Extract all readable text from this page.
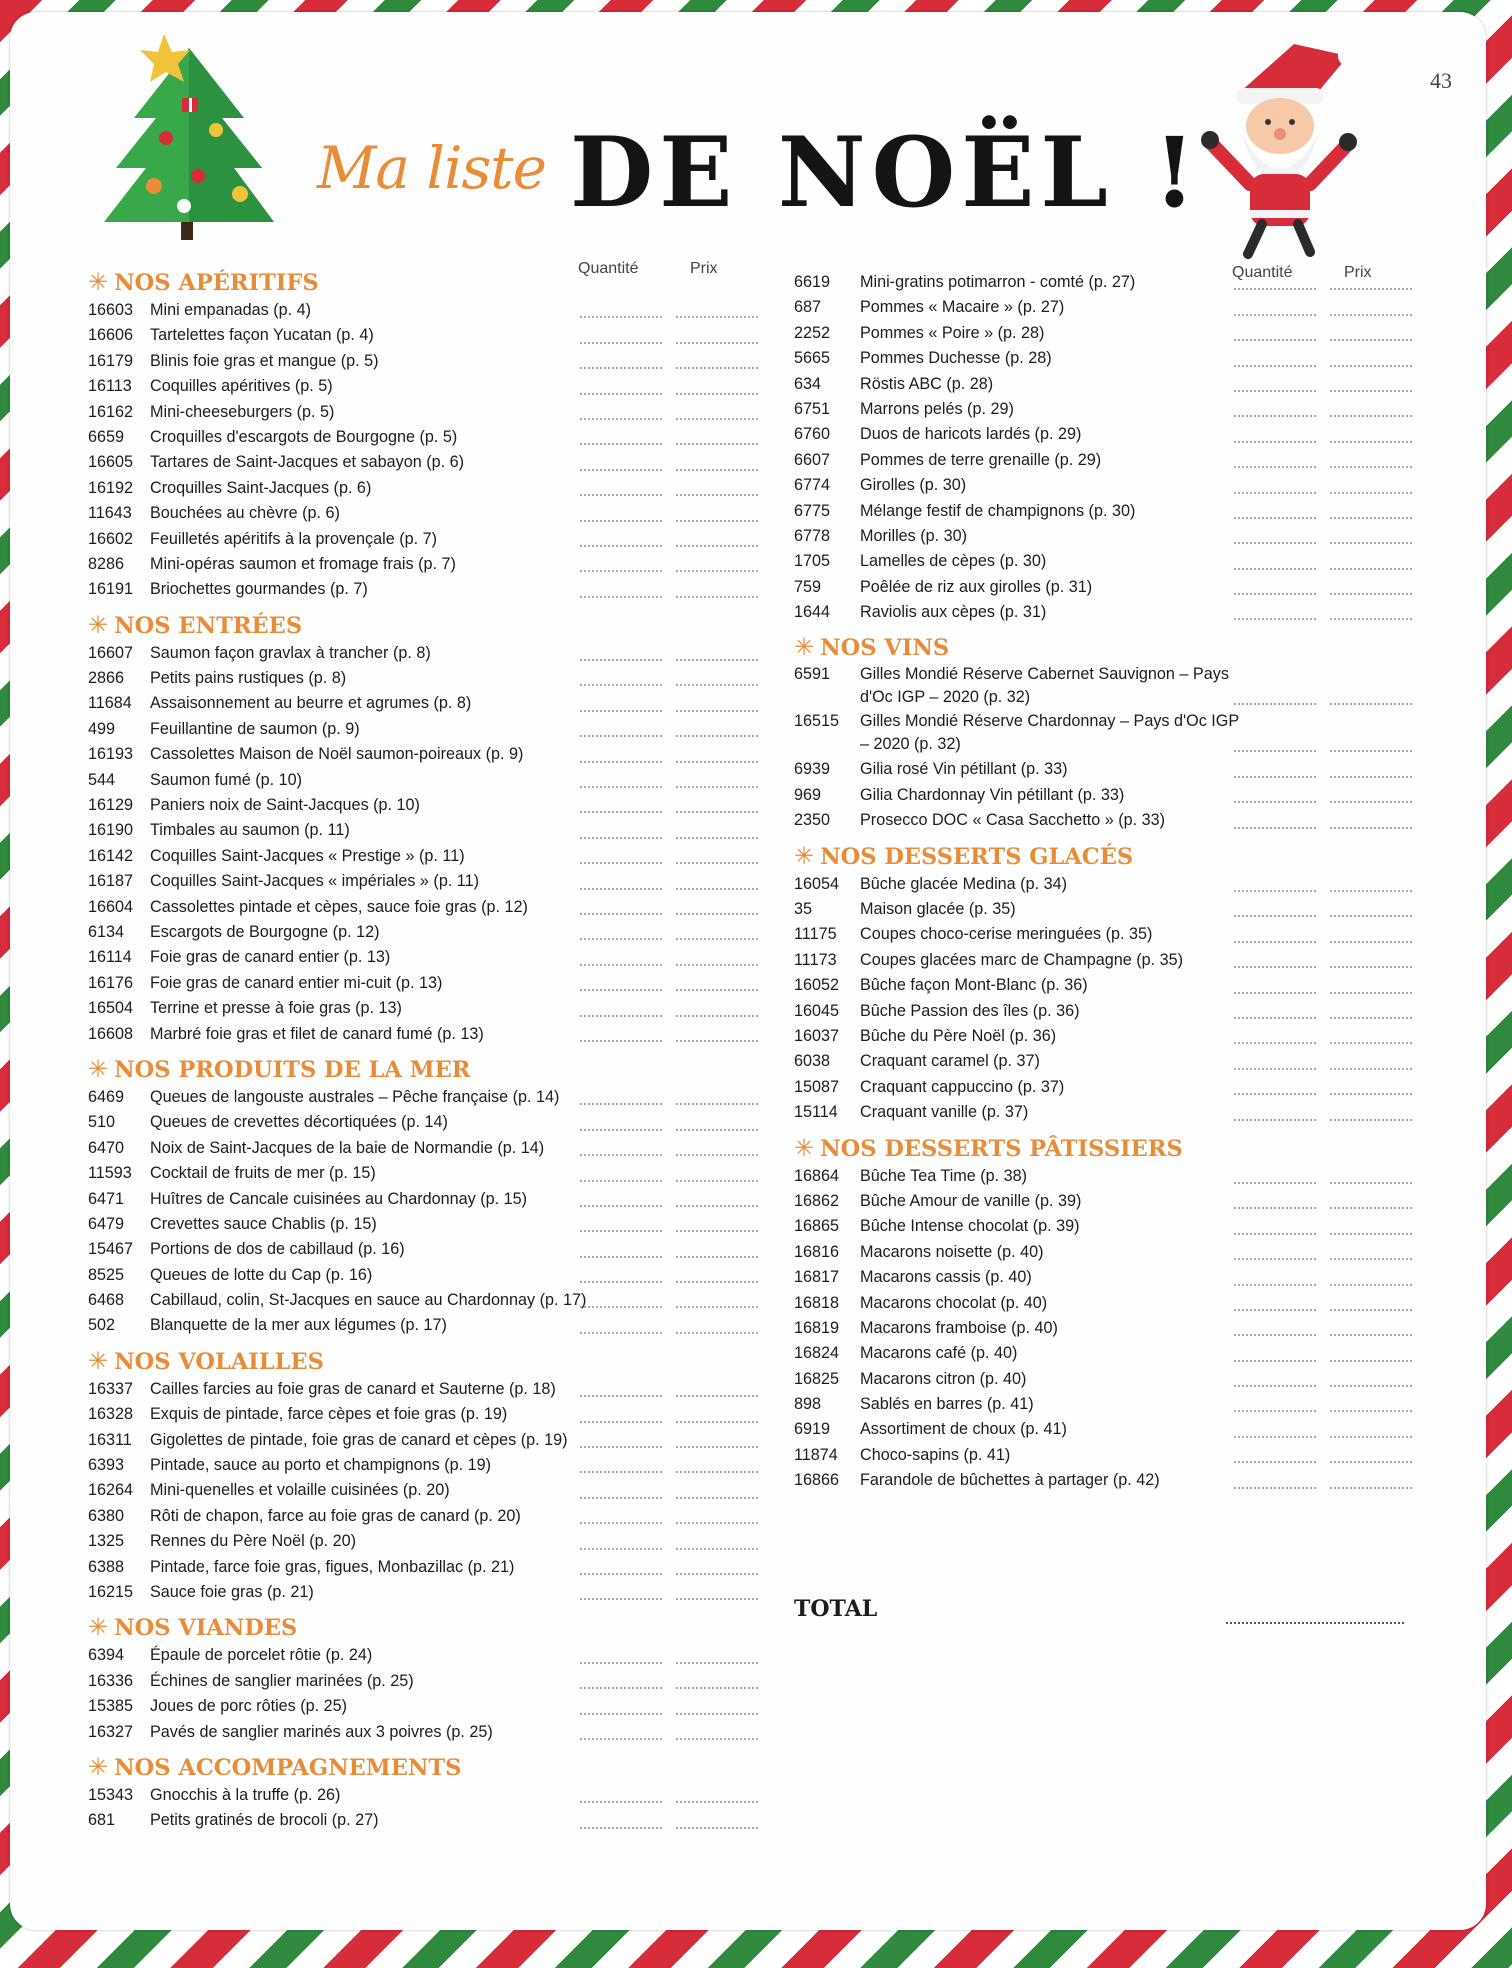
43
Ma liste DE NOËL !
Quantité	Prix	Quantité	Prix
✳ NOS APÉRITIFS
16603 Mini empanadas (p. 4)
16606 Tartelettes façon Yucatan (p. 4)
16179 Blinis foie gras et mangue (p. 5)
16113 Coquilles apéritives (p. 5)
16162 Mini-cheeseburgers (p. 5)
6659 Croquilles d'escargots de Bourgogne (p. 5)
16605 Tartares de Saint-Jacques et sabayon (p. 6)
16192 Croquilles Saint-Jacques (p. 6)
11643 Bouchées au chèvre (p. 6)
16602 Feuilletés apéritifs à la provençale (p. 7)
8286 Mini-opéras saumon et fromage frais (p. 7)
16191 Briochettes gourmandes (p. 7)
✳ NOS ENTRÉES
16607 Saumon façon gravlax à trancher (p. 8)
2866 Petits pains rustiques (p. 8)
11684 Assaisonnement au beurre et agrumes (p. 8)
499 Feuillantine de saumon (p. 9)
16193 Cassolettes Maison de Noël saumon-poireaux (p. 9)
544 Saumon fumé (p. 10)
16129 Paniers noix de Saint-Jacques (p. 10)
16190 Timbales au saumon (p. 11)
16142 Coquilles Saint-Jacques « Prestige » (p. 11)
16187 Coquilles Saint-Jacques « impériales » (p. 11)
16604 Cassolettes pintade et cèpes, sauce foie gras (p. 12)
6134 Escargots de Bourgogne (p. 12)
16114 Foie gras de canard entier (p. 13)
16176 Foie gras de canard entier mi-cuit (p. 13)
16504 Terrine et presse à foie gras (p. 13)
16608 Marbré foie gras et filet de canard fumé (p. 13)
✳ NOS PRODUITS DE LA MER
6469 Queues de langouste australes – Pêche française (p. 14)
510 Queues de crevettes décortiquées (p. 14)
6470 Noix de Saint-Jacques de la baie de Normandie (p. 14)
11593 Cocktail de fruits de mer (p. 15)
6471 Huîtres de Cancale cuisinées au Chardonnay (p. 15)
6479 Crevettes sauce Chablis (p. 15)
15467 Portions de dos de cabillaud (p. 16)
8525 Queues de lotte du Cap (p. 16)
6468 Cabillaud, colin, St-Jacques en sauce au Chardonnay (p. 17)
502 Blanquette de la mer aux légumes (p. 17)
✳ NOS VOLAILLES
16337 Cailles farcies au foie gras de canard et Sauterne (p. 18)
16328 Exquis de pintade, farce cèpes et foie gras (p. 19)
16311 Gigolettes de pintade, foie gras de canard et cèpes (p. 19)
6393 Pintade, sauce au porto et champignons (p. 19)
16264 Mini-quenelles et volaille cuisinées (p. 20)
6380 Rôti de chapon, farce au foie gras de canard (p. 20)
1325 Rennes du Père Noël (p. 20)
6388 Pintade, farce foie gras, figues, Monbazillac (p. 21)
16215 Sauce foie gras (p. 21)
✳ NOS VIANDES
6394 Épaule de porcelet rôtie (p. 24)
16336 Échines de sanglier marinées (p. 25)
15385 Joues de porc rôties (p. 25)
16327 Pavés de sanglier marinés aux 3 poivres (p. 25)
✳ NOS ACCOMPAGNEMENTS
15343 Gnocchis à la truffe (p. 26)
681 Petits gratinés de brocoli (p. 27)
6619 Mini-gratins potimarron - comté (p. 27)
687 Pommes « Macaire » (p. 27)
2252 Pommes « Poire » (p. 28)
5665 Pommes Duchesse (p. 28)
634 Röstis ABC (p. 28)
6751 Marrons pelés (p. 29)
6760 Duos de haricots lardés (p. 29)
6607 Pommes de terre grenaille (p. 29)
6774 Girolles (p. 30)
6775 Mélange festif de champignons (p. 30)
6778 Morilles (p. 30)
1705 Lamelles de cèpes (p. 30)
759 Poêlée de riz aux girolles (p. 31)
1644 Raviolis aux cèpes (p. 31)
✳ NOS VINS
6591 Gilles Mondié Réserve Cabernet Sauvignon – Pays d'Oc IGP – 2020 (p. 32)
16515 Gilles Mondié Réserve Chardonnay – Pays d'Oc IGP – 2020 (p. 32)
6939 Gilia rosé Vin pétillant (p. 33)
969 Gilia Chardonnay Vin pétillant (p. 33)
2350 Prosecco DOC « Casa Sacchetto » (p. 33)
✳ NOS DESSERTS GLACÉS
16054 Bûche glacée Medina (p. 34)
35	Maison glacée (p. 35)
11175 Coupes choco-cerise meringuées (p. 35)
11173 Coupes glacées marc de Champagne (p. 35)
16052 Bûche façon Mont-Blanc (p. 36)
16045 Bûche Passion des îles (p. 36)
16037 Bûche du Père Noël (p. 36)
6038 Craquant caramel (p. 37)
15087 Craquant cappuccino (p. 37)
15114 Craquant vanille (p. 37)
✳ NOS DESSERTS PÂTISSIERS
16864 Bûche Tea Time (p. 38)
16862 Bûche Amour de vanille (p. 39)
16865 Bûche Intense chocolat (p. 39)
16816 Macarons noisette (p. 40)
16817 Macarons cassis (p. 40)
16818 Macarons chocolat (p. 40)
16819 Macarons framboise (p. 40)
16824 Macarons café (p. 40)
16825 Macarons citron (p. 40)
898 Sablés en barres (p. 41)
6919 Assortiment de choux (p. 41)
11874 Choco-sapins (p. 41)
16866 Farandole de bûchettes à partager (p. 42)
TOTAL
